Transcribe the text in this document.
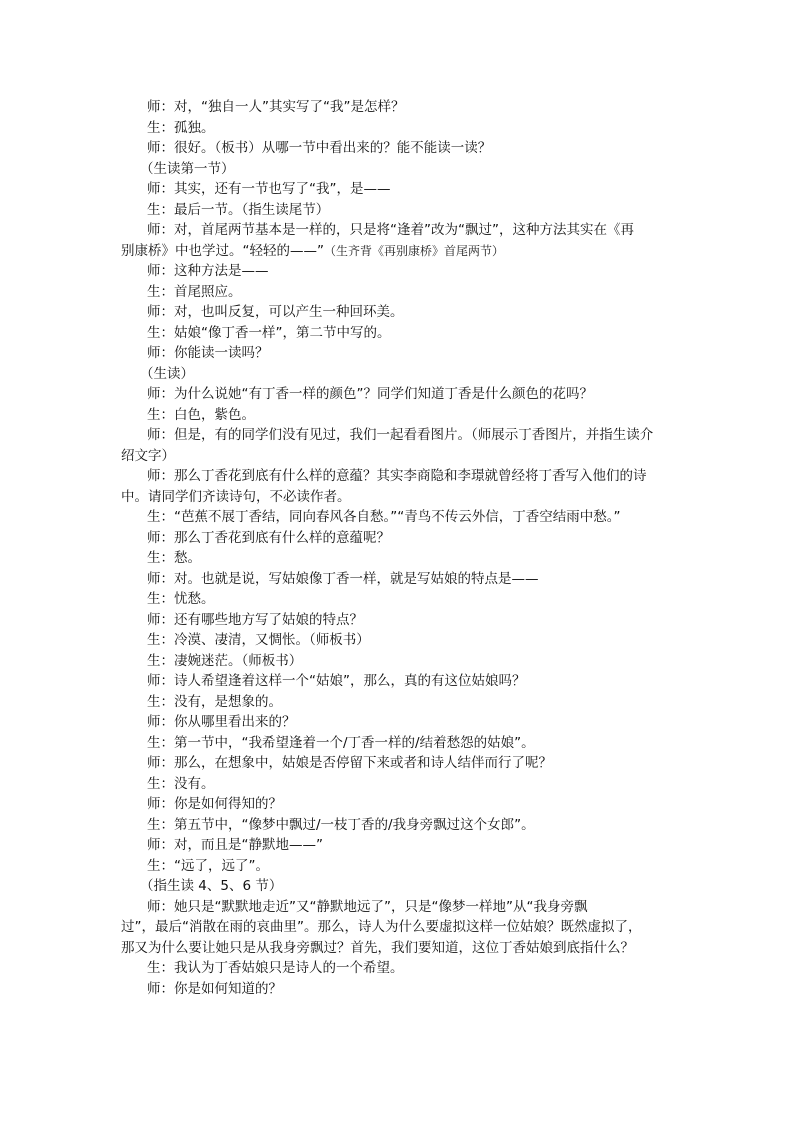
师：对，“独自一人”其实写了“我”是怎样？
生：孤独。
师：很好。（板书）从哪一节中看出来的？能不能读一读？
（生读第一节）
师：其实，还有一节也写了“我”，是——
生：最后一节。（指生读尾节）
师：对，首尾两节基本是一样的，只是将“逢着”改为“飘过”，这种方法其实在《再
别康桥》中也学过。“轻轻的——”（生齐背《再别康桥》首尾两节）
师：这种方法是——
生：首尾照应。
师：对，也叫反复，可以产生一种回环美。
生：姑娘“像丁香一样”，第二节中写的。
师：你能读一读吗？
（生读）
师：为什么说她“有丁香一样的颜色”？同学们知道丁香是什么颜色的花吗？
生：白色，紫色。
师：但是，有的同学们没有见过，我们一起看看图片。（师展示丁香图片，并指生读介
绍文字）
师：那么丁香花到底有什么样的意蕴？其实李商隐和李璟就曾经将丁香写入他们的诗
中。请同学们齐读诗句，不必读作者。
生：“芭蕉不展丁香结，同向春风各自愁。”“青鸟不传云外信，丁香空结雨中愁。”
师：那么丁香花到底有什么样的意蕴呢？
生：愁。
师：对。也就是说，写姑娘像丁香一样，就是写姑娘的特点是——
生：忧愁。
师：还有哪些地方写了姑娘的特点？
生：冷漠、凄清，又惆怅。（师板书）
生：凄婉迷茫。（师板书）
师：诗人希望逢着这样一个“姑娘”，那么，真的有这位姑娘吗？
生：没有，是想象的。
师：你从哪里看出来的？
生：第一节中，“我希望逢着一个/丁香一样的/结着愁怨的姑娘”。
师：那么，在想象中，姑娘是否停留下来或者和诗人结伴而行了呢？
生：没有。
师：你是如何得知的？
生：第五节中，“像梦中飘过/一枝丁香的/我身旁飘过这个女郎”。
师：对，而且是“静默地——”
生：“远了，远了”。
（指生读 4、5、6 节）
师：她只是“默默地走近”又“静默地远了”，只是“像梦一样地”从“我身旁飘
过”，最后“消散在雨的哀曲里”。那么，诗人为什么要虚拟这样一位姑娘？既然虚拟了，
那又为什么要让她只是从我身旁飘过？首先，我们要知道，这位丁香姑娘到底指什么？
生：我认为丁香姑娘只是诗人的一个希望。
师：你是如何知道的？
